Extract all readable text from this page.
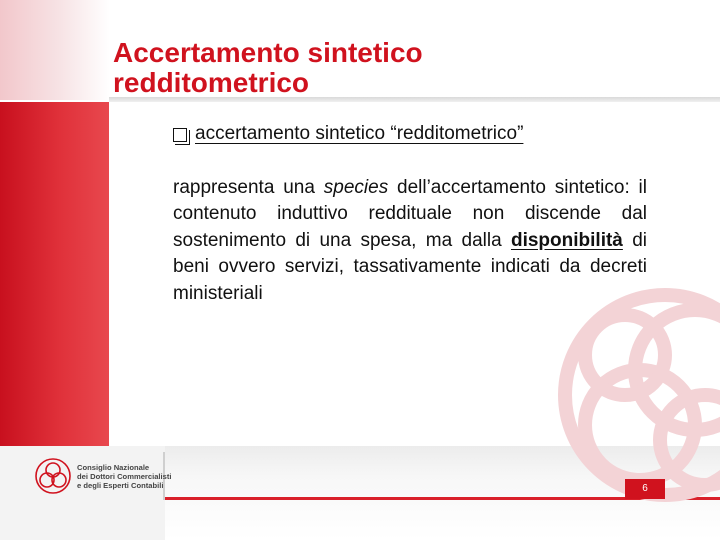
Accertamento sintetico
redditometrico
accertamento sintetico “redditometrico”
rappresenta una species dell’accertamento sintetico: il contenuto induttivo reddituale non discende dal sostenimento di una spesa, ma dalla disponibilità di beni ovvero servizi, tassativamente indicati da decreti ministeriali
Consiglio Nazionale
dei Dottori Commercialisti
e degli Esperti Contabili	6
